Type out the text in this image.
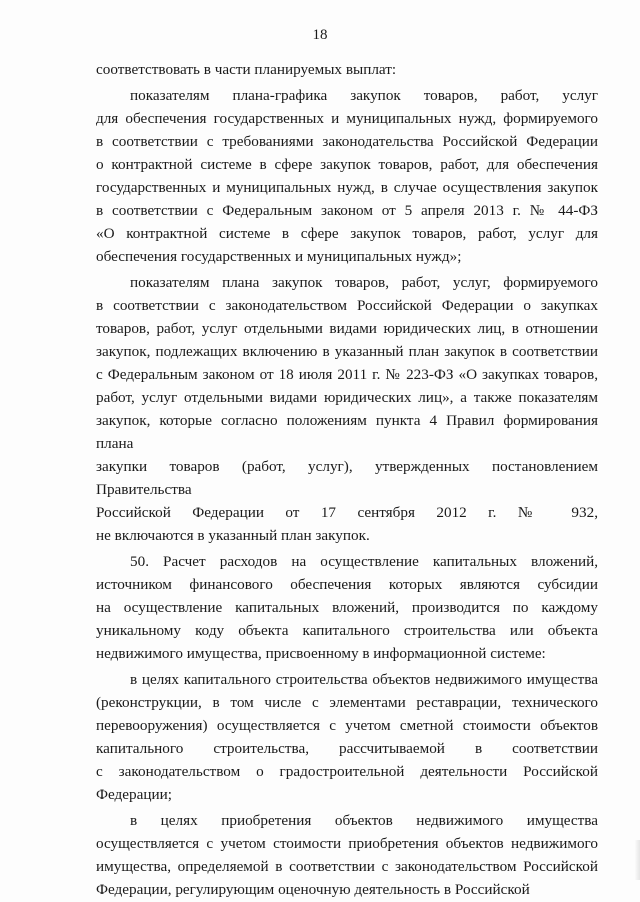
18
соответствовать в части планируемых выплат:
показателям плана-графика закупок товаров, работ, услуг
для обеспечения государственных и муниципальных нужд, формируемого
в соответствии с требованиями законодательства Российской Федерации
о контрактной системе в сфере закупок товаров, работ, для обеспечения
государственных и муниципальных нужд, в случае осуществления закупок
в соответствии с Федеральным законом от 5 апреля 2013 г. № 44-ФЗ
«О контрактной системе в сфере закупок товаров, работ, услуг для
обеспечения государственных и муниципальных нужд»;
показателям плана закупок товаров, работ, услуг, формируемого
в соответствии с законодательством Российской Федерации о закупках
товаров, работ, услуг отдельными видами юридических лиц, в отношении
закупок, подлежащих включению в указанный план закупок в соответствии
с Федеральным законом от 18 июля 2011 г. № 223-ФЗ «О закупках товаров,
работ, услуг отдельными видами юридических лиц», а также показателям
закупок, которые согласно положениям пункта 4 Правил формирования плана
закупки товаров (работ, услуг), утвержденных постановлением Правительства
Российской Федерации от 17 сентября 2012 г. № 932,
не включаются в указанный план закупок.
50. Расчет расходов на осуществление капитальных вложений,
источником финансового обеспечения которых являются субсидии
на осуществление капитальных вложений, производится по каждому
уникальному коду объекта капитального строительства или объекта
недвижимого имущества, присвоенному в информационной системе:
в целях капитального строительства объектов недвижимого имущества
(реконструкции, в том числе с элементами реставрации, технического
перевооружения) осуществляется с учетом сметной стоимости объектов
капитального строительства, рассчитываемой в соответствии
с законодательством о градостроительной деятельности Российской
Федерации;
в целях приобретения объектов недвижимого имущества
осуществляется с учетом стоимости приобретения объектов недвижимого
имущества, определяемой в соответствии с законодательством Российской
Федерации, регулирующим оценочную деятельность в Российской
